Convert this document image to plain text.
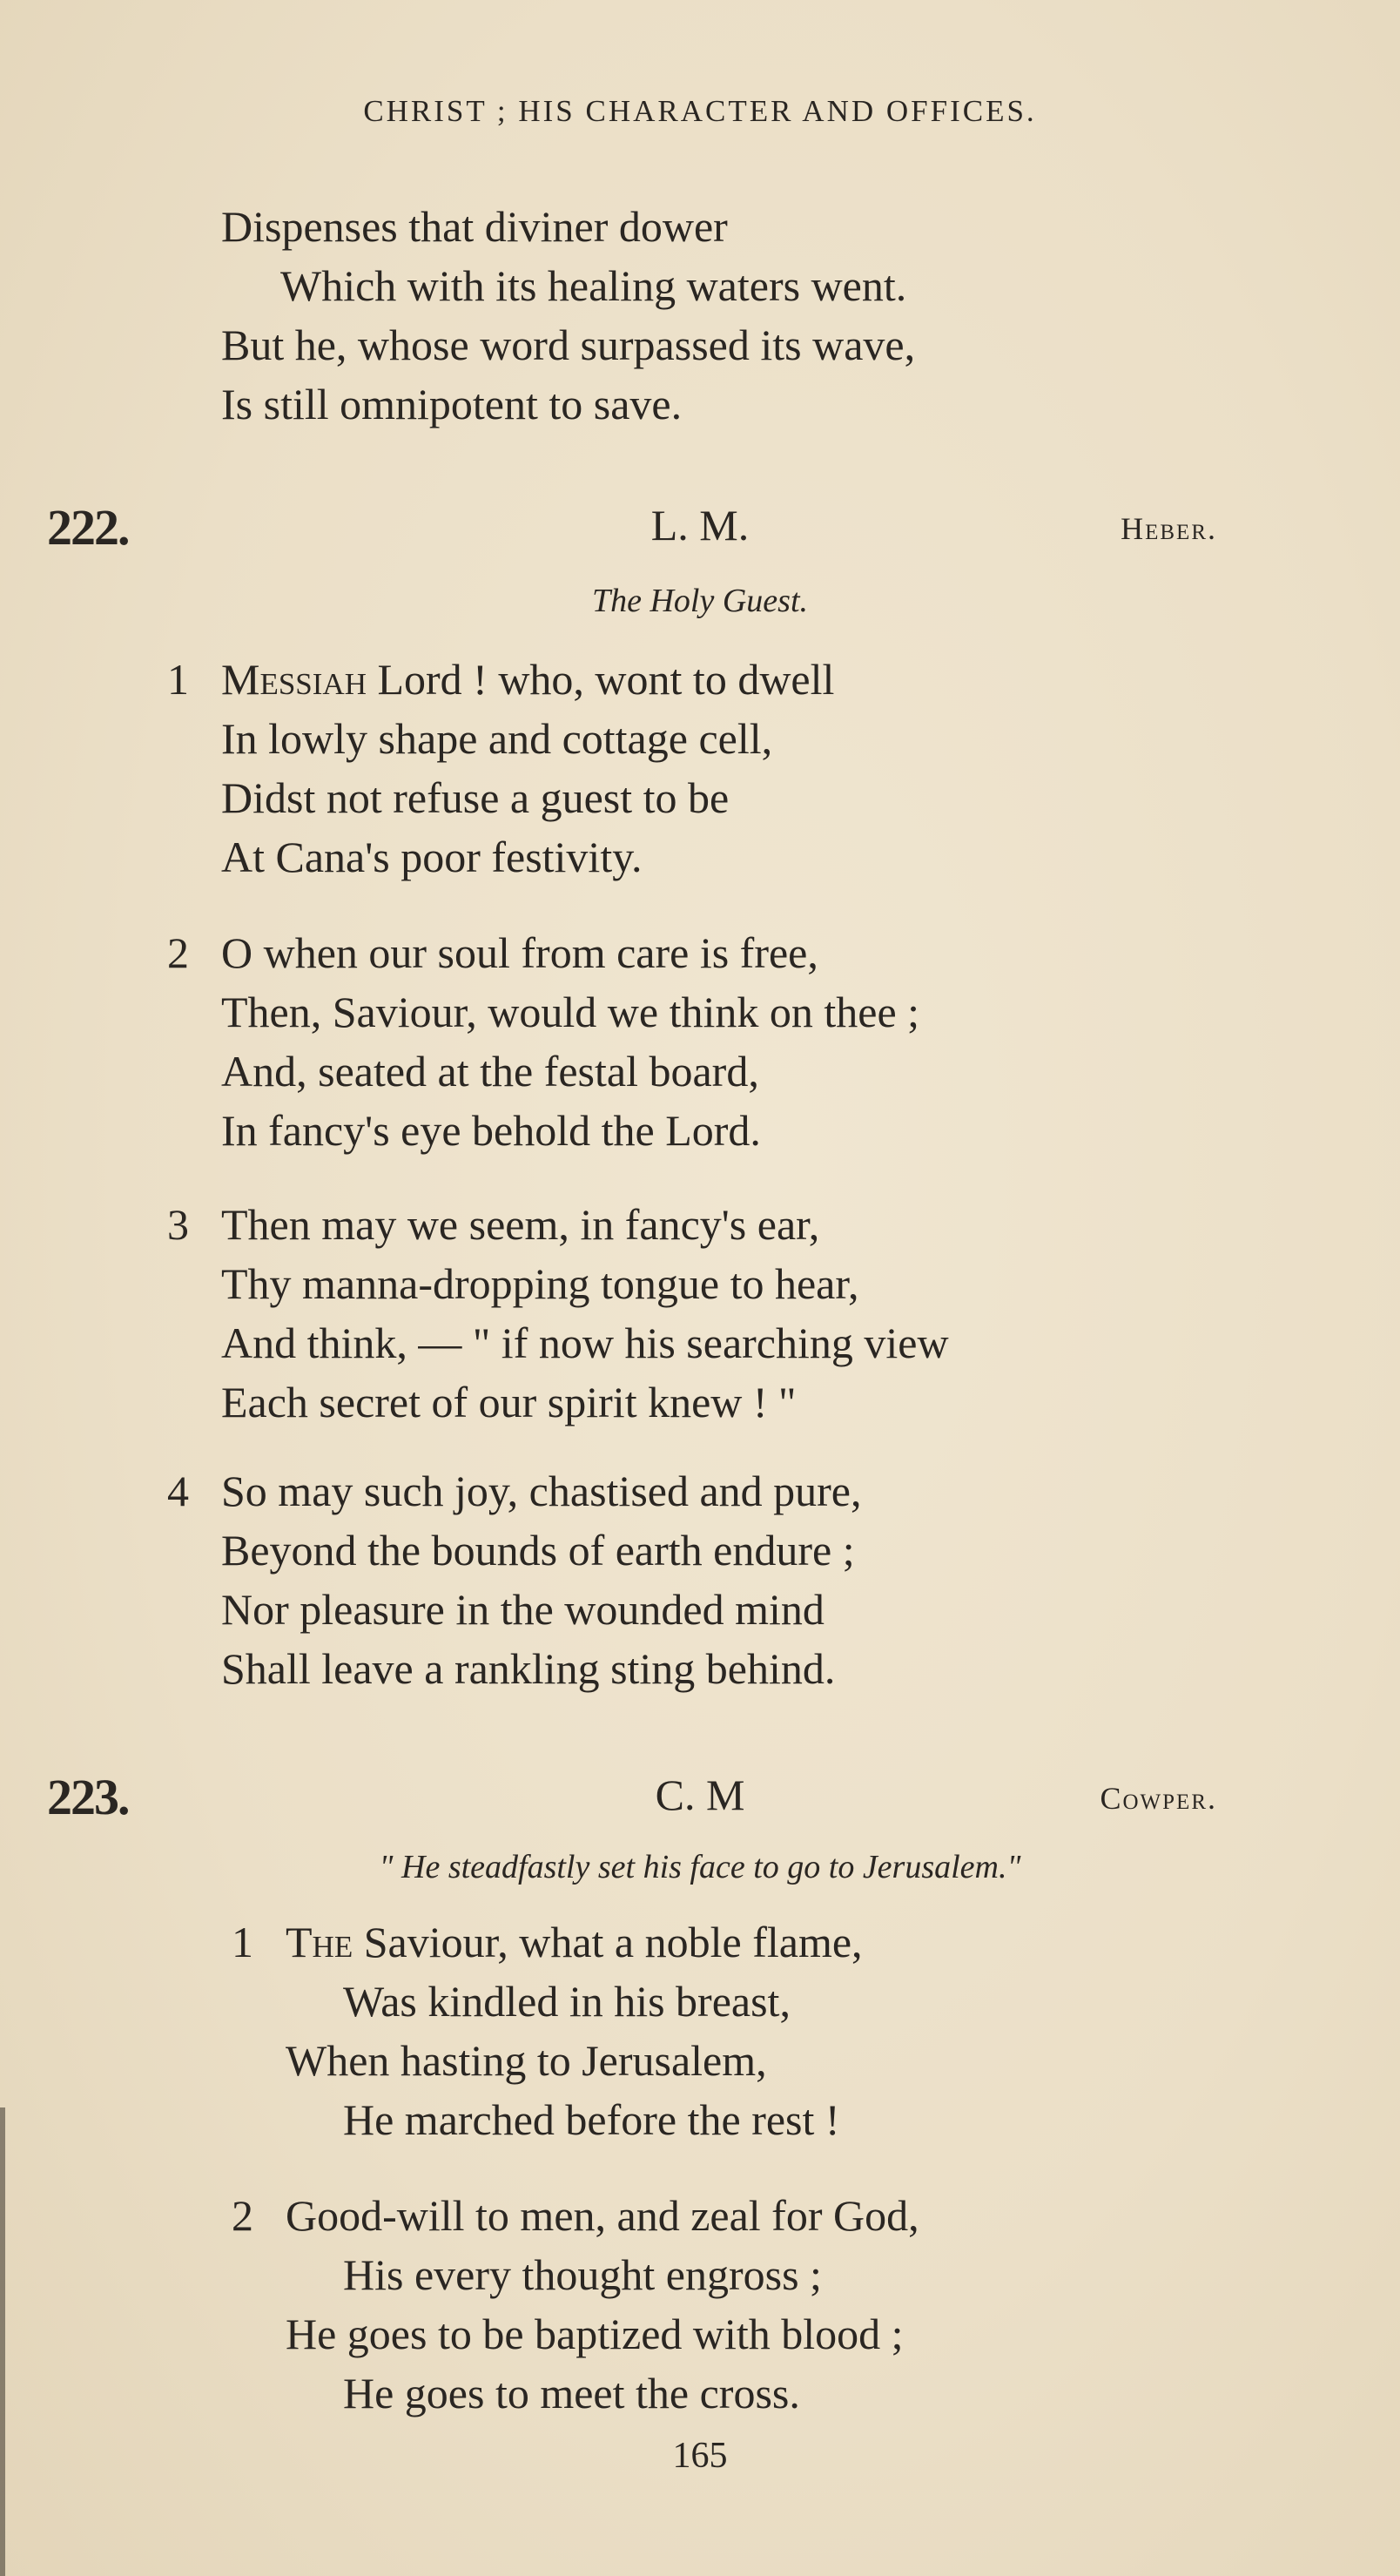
CHRIST ; HIS CHARACTER AND OFFICES.
Dispenses that diviner dower
Which with its healing waters went.
But he, whose word surpassed its wave,
Is still omnipotent to save.
222.	L. M.	Heber.
The Holy Guest.
1 Messiah Lord ! who, wont to dwell
In lowly shape and cottage cell,
Didst not refuse a guest to be
At Cana's poor festivity.
2 O when our soul from care is free,
Then, Saviour, would we think on thee ;
And, seated at the festal board,
In fancy's eye behold the Lord.
3 Then may we seem, in fancy's ear,
Thy manna-dropping tongue to hear,
And think, — " if now his searching view
Each secret of our spirit knew ! "
4 So may such joy, chastised and pure,
Beyond the bounds of earth endure ;
Nor pleasure in the wounded mind
Shall leave a rankling sting behind.
223.	C. M	Cowper.
" He steadfastly set his face to go to Jerusalem."
1 The Saviour, what a noble flame,
Was kindled in his breast,
When hasting to Jerusalem,
He marched before the rest !
2 Good-will to men, and zeal for God,
His every thought engross ;
He goes to be baptized with blood ;
He goes to meet the cross.
165
